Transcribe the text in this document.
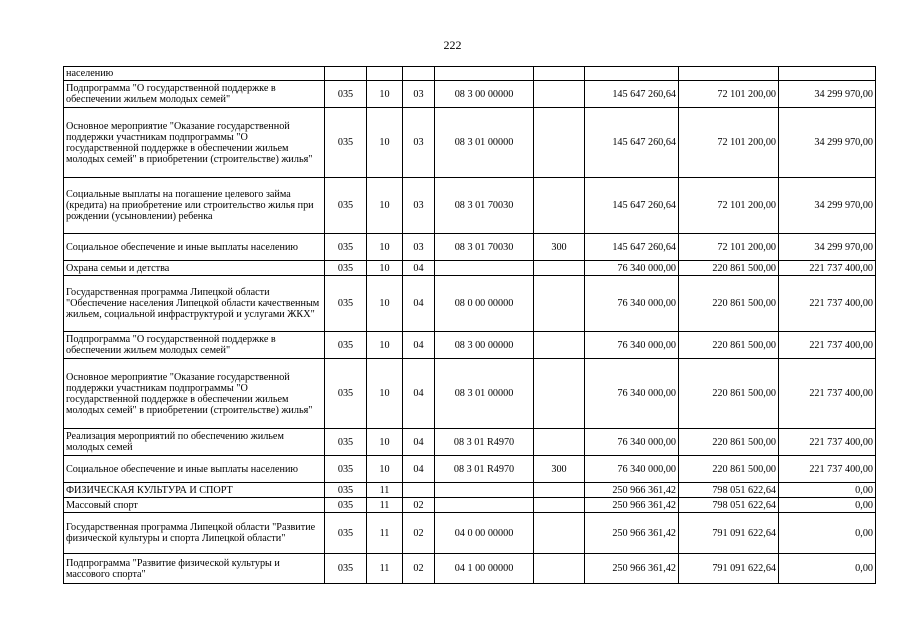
222
населению								
Подпрограмма "О государственной поддержке в обеспечении жильем молодых семей"	035	10	03	08 3 00 00000		145 647 260,64	72 101 200,00	34 299 970,00
Основное мероприятие "Оказание государственной поддержки участникам подпрограммы "О государственной поддержке в обеспечении жильем молодых семей" в приобретении (строительстве) жилья"	035	10	03	08 3 01 00000		145 647 260,64	72 101 200,00	34 299 970,00
Социальные выплаты на погашение целевого займа (кредита) на приобретение или строительство жилья при рождении (усыновлении) ребенка	035	10	03	08 3 01 70030		145 647 260,64	72 101 200,00	34 299 970,00
Социальное обеспечение и иные выплаты населению	035	10	03	08 3 01 70030	300	145 647 260,64	72 101 200,00	34 299 970,00
Охрана семьи и детства	035	10	04			76 340 000,00	220 861 500,00	221 737 400,00
Государственная программа Липецкой области "Обеспечение населения Липецкой области качественным жильем, социальной инфраструктурой и услугами ЖКХ"	035	10	04	08 0 00 00000		76 340 000,00	220 861 500,00	221 737 400,00
Подпрограмма "О государственной поддержке в обеспечении жильем молодых семей"	035	10	04	08 3 00 00000		76 340 000,00	220 861 500,00	221 737 400,00
Основное мероприятие "Оказание государственной поддержки участникам подпрограммы "О государственной поддержке в обеспечении жильем молодых семей" в приобретении (строительстве) жилья"	035	10	04	08 3 01 00000		76 340 000,00	220 861 500,00	221 737 400,00
Реализация мероприятий по обеспечению жильем молодых семей	035	10	04	08 3 01 R4970		76 340 000,00	220 861 500,00	221 737 400,00
Социальное обеспечение и иные выплаты населению	035	10	04	08 3 01 R4970	300	76 340 000,00	220 861 500,00	221 737 400,00
ФИЗИЧЕСКАЯ КУЛЬТУРА И СПОРТ	035	11				250 966 361,42	798 051 622,64	0,00
Массовый спорт	035	11	02			250 966 361,42	798 051 622,64	0,00
Государственная программа Липецкой области "Развитие физической культуры и спорта Липецкой области"	035	11	02	04 0 00 00000		250 966 361,42	791 091 622,64	0,00
Подпрограмма "Развитие физической культуры и массового спорта"	035	11	02	04 1 00 00000		250 966 361,42	791 091 622,64	0,00
